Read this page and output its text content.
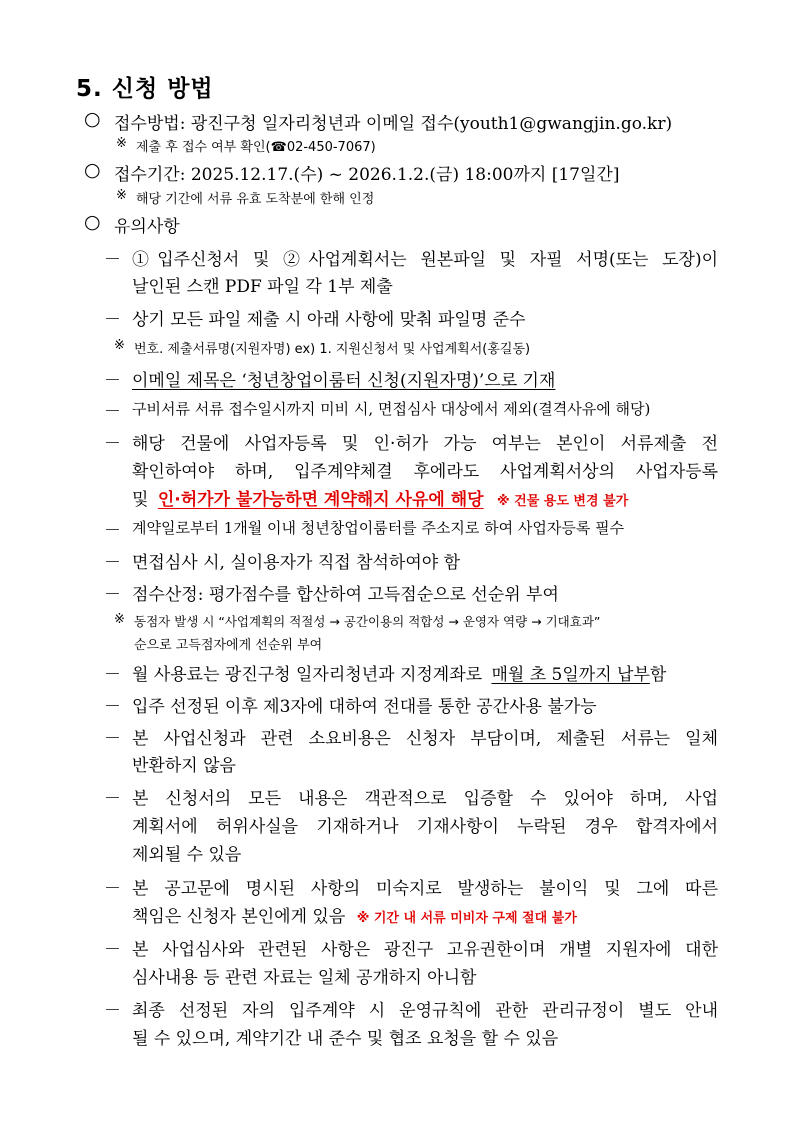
5. 신청 방법
○ 접수방법: 광진구청 일자리청년과 이메일 접수(youth1@gwangjin.go.kr)
※ 제출 후 접수 여부 확인(☎02-450-7067)
○ 접수기간: 2025.12.17.(수) ~ 2026.1.2.(금) 18:00까지 [17일간]
※ 해당 기간에 서류 유효 도착분에 한해 인정
○ 유의사항
－ ①입주신청서 및 ②사업계획서는 원본파일 및 자필 서명(또는 도장)이
날인된 스캔 PDF 파일 각 1부 제출
－ 상기 모든 파일 제출 시 아래 사항에 맞춰 파일명 준수
※ 번호. 제출서류명(지원자명) ex) 1. 지원신청서 및 사업계획서(홍길동)
－ 이메일 제목은 ‘청년창업이룸터 신청(지원자명)’으로 기재
－ 구비서류 서류 접수일시까지 미비 시, 면접심사 대상에서 제외(결격사유에 해당)
－ 해당 건물에 사업자등록 및 인·허가 가능 여부는 본인이 서류제출 전
확인하여야 하며, 입주계약체결 후에라도 사업계획서상의 사업자등록
및 인·허가가 불가능하면 계약해지 사유에 해당 ※ 건물 용도 변경 불가
－ 계약일로부터 1개월 이내 청년창업이룸터를 주소지로 하여 사업자등록 필수
－ 면접심사 시, 실이용자가 직접 참석하여야 함
－ 점수산정: 평가점수를 합산하여 고득점순으로 선순위 부여
※ 동점자 발생 시 “사업계획의 적절성 → 공간이용의 적합성 → 운영자 역량 → 기대효과”
순으로 고득점자에게 선순위 부여
－ 월 사용료는 광진구청 일자리청년과 지정계좌로 매월 초 5일까지 납부함
－ 입주 선정된 이후 제3자에 대하여 전대를 통한 공간사용 불가능
－ 본 사업신청과 관련 소요비용은 신청자 부담이며, 제출된 서류는 일체
반환하지 않음
－ 본 신청서의 모든 내용은 객관적으로 입증할 수 있어야 하며, 사업
계획서에 허위사실을 기재하거나 기재사항이 누락된 경우 합격자에서
제외될 수 있음
－ 본 공고문에 명시된 사항의 미숙지로 발생하는 불이익 및 그에 따른
책임은 신청자 본인에게 있음 ※ 기간 내 서류 미비자 구제 절대 불가
－ 본 사업심사와 관련된 사항은 광진구 고유권한이며 개별 지원자에 대한
심사내용 등 관련 자료는 일체 공개하지 아니함
－ 최종 선정된 자의 입주계약 시 운영규칙에 관한 관리규정이 별도 안내
될 수 있으며, 계약기간 내 준수 및 협조 요청을 할 수 있음
